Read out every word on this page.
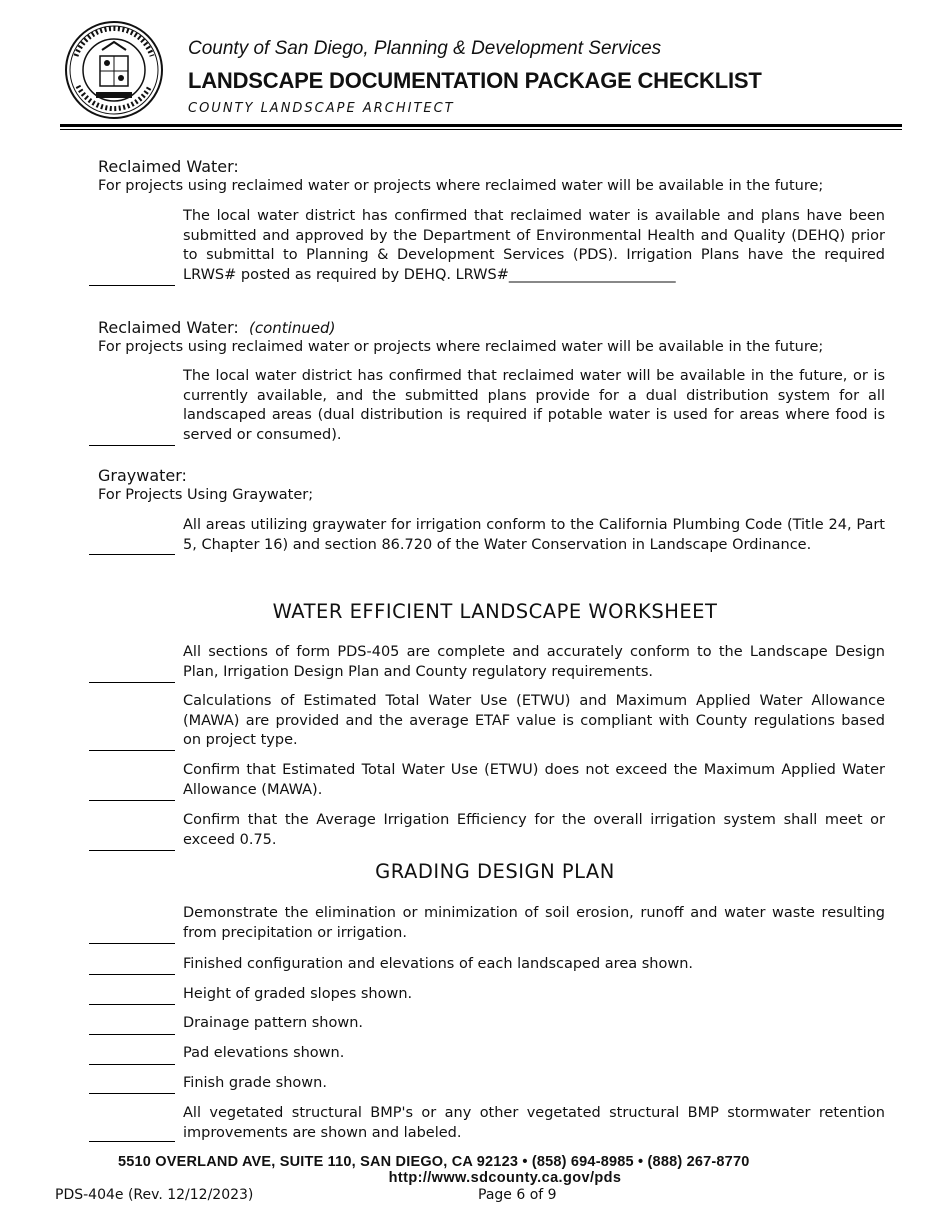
County of San Diego, Planning & Development Services
LANDSCAPE DOCUMENTATION PACKAGE CHECKLIST
COUNTY LANDSCAPE ARCHITECT
Reclaimed Water:
For projects using reclaimed water or projects where reclaimed water will be available in the future;
The local water district has confirmed that reclaimed water is available and plans have been submitted and approved by the Department of Environmental Health and Quality (DEHQ) prior to submittal to Planning & Development Services (PDS). Irrigation Plans have the required LRWS# posted as required by DEHQ. LRWS#_______________________
Reclaimed Water: (continued)
For projects using reclaimed water or projects where reclaimed water will be available in the future;
The local water district has confirmed that reclaimed water will be available in the future, or is currently available, and the submitted plans provide for a dual distribution system for all landscaped areas (dual distribution is required if potable water is used for areas where food is served or consumed).
Graywater:
For Projects Using Graywater;
All areas utilizing graywater for irrigation conform to the California Plumbing Code (Title 24, Part 5, Chapter 16) and section 86.720 of the Water Conservation in Landscape Ordinance.
WATER EFFICIENT LANDSCAPE WORKSHEET
All sections of form PDS-405 are complete and accurately conform to the Landscape Design Plan, Irrigation Design Plan and County regulatory requirements.
Calculations of Estimated Total Water Use (ETWU) and Maximum Applied Water Allowance (MAWA) are provided and the average ETAF value is compliant with County regulations based on project type.
Confirm that Estimated Total Water Use (ETWU) does not exceed the Maximum Applied Water Allowance (MAWA).
Confirm that the Average Irrigation Efficiency for the overall irrigation system shall meet or exceed 0.75.
GRADING DESIGN PLAN
Demonstrate the elimination or minimization of soil erosion, runoff and water waste resulting from precipitation or irrigation.
Finished configuration and elevations of each landscaped area shown.
Height of graded slopes shown.
Drainage pattern shown.
Pad elevations shown.
Finish grade shown.
All vegetated structural BMP's or any other vegetated structural BMP stormwater retention improvements are shown and labeled.
5510 OVERLAND AVE, SUITE 110, SAN DIEGO, CA 92123 • (858) 694-8985 • (888) 267-8770
http://www.sdcounty.ca.gov/pds
PDS-404e (Rev. 12/12/2023)	Page 6 of 9
